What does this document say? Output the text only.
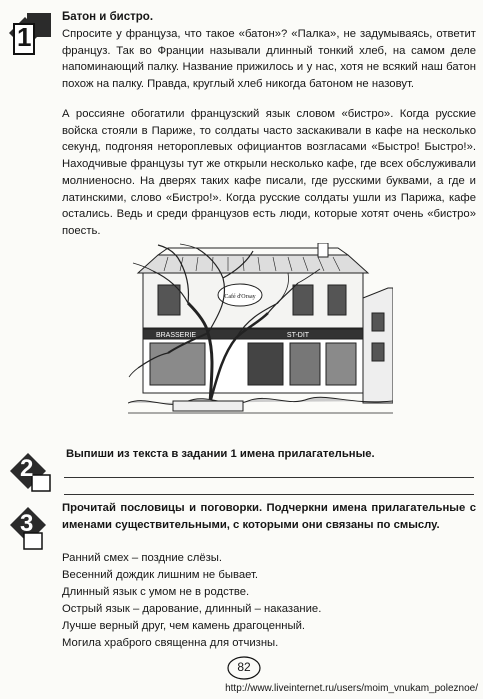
1
Батон и бистро.

Спросите у француза, что такое «батон»? «Палка», не задумываясь, ответит француз. Так во Франции называли длинный тонкий хлеб, на самом деле напоминающий палку. Название прижилось и у нас, хотя не всякий наш батон похож на палку. Правда, круглый хлеб никогда батоном не назовут.

А россияне обогатили французский язык словом «бистро». Когда русские войска стояли в Париже, то солдаты часто заскакивали в кафе на несколько секунд, подгоняя нетороплевых официантов возгласами «Быстро! Быстро!». Находчивые французы тут же открыли несколько кафе, где всех обслуживали молниеносно. На дверях таких кафе писали, где русскими буквами, а где и латинскими, слово «Бистро!». Когда русские солдаты ушли из Парижа, кафе остались. Ведь и среди французов есть люди, которые хотят очень «бистро» поесть.

Café d'Orsay
BRASSERIE	ST-DIT
2
Выпиши из текста в задании 1 имена прилагательные.
3
Прочитай пословицы и поговорки. Подчеркни имена прилагательные с именами существительными, с которыми они связаны по смыслу.
Ранний смех – поздние слёзы.
Весенний дождик лишним не бывает.
Длинный язык с умом не в родстве.
Острый язык – дарование, длинный – наказание.
Лучше верный друг, чем камень драгоценный.
Могила храброго священна для отчизны.
82
http://www.liveinternet.ru/users/moim_vnukam_poleznoe/
